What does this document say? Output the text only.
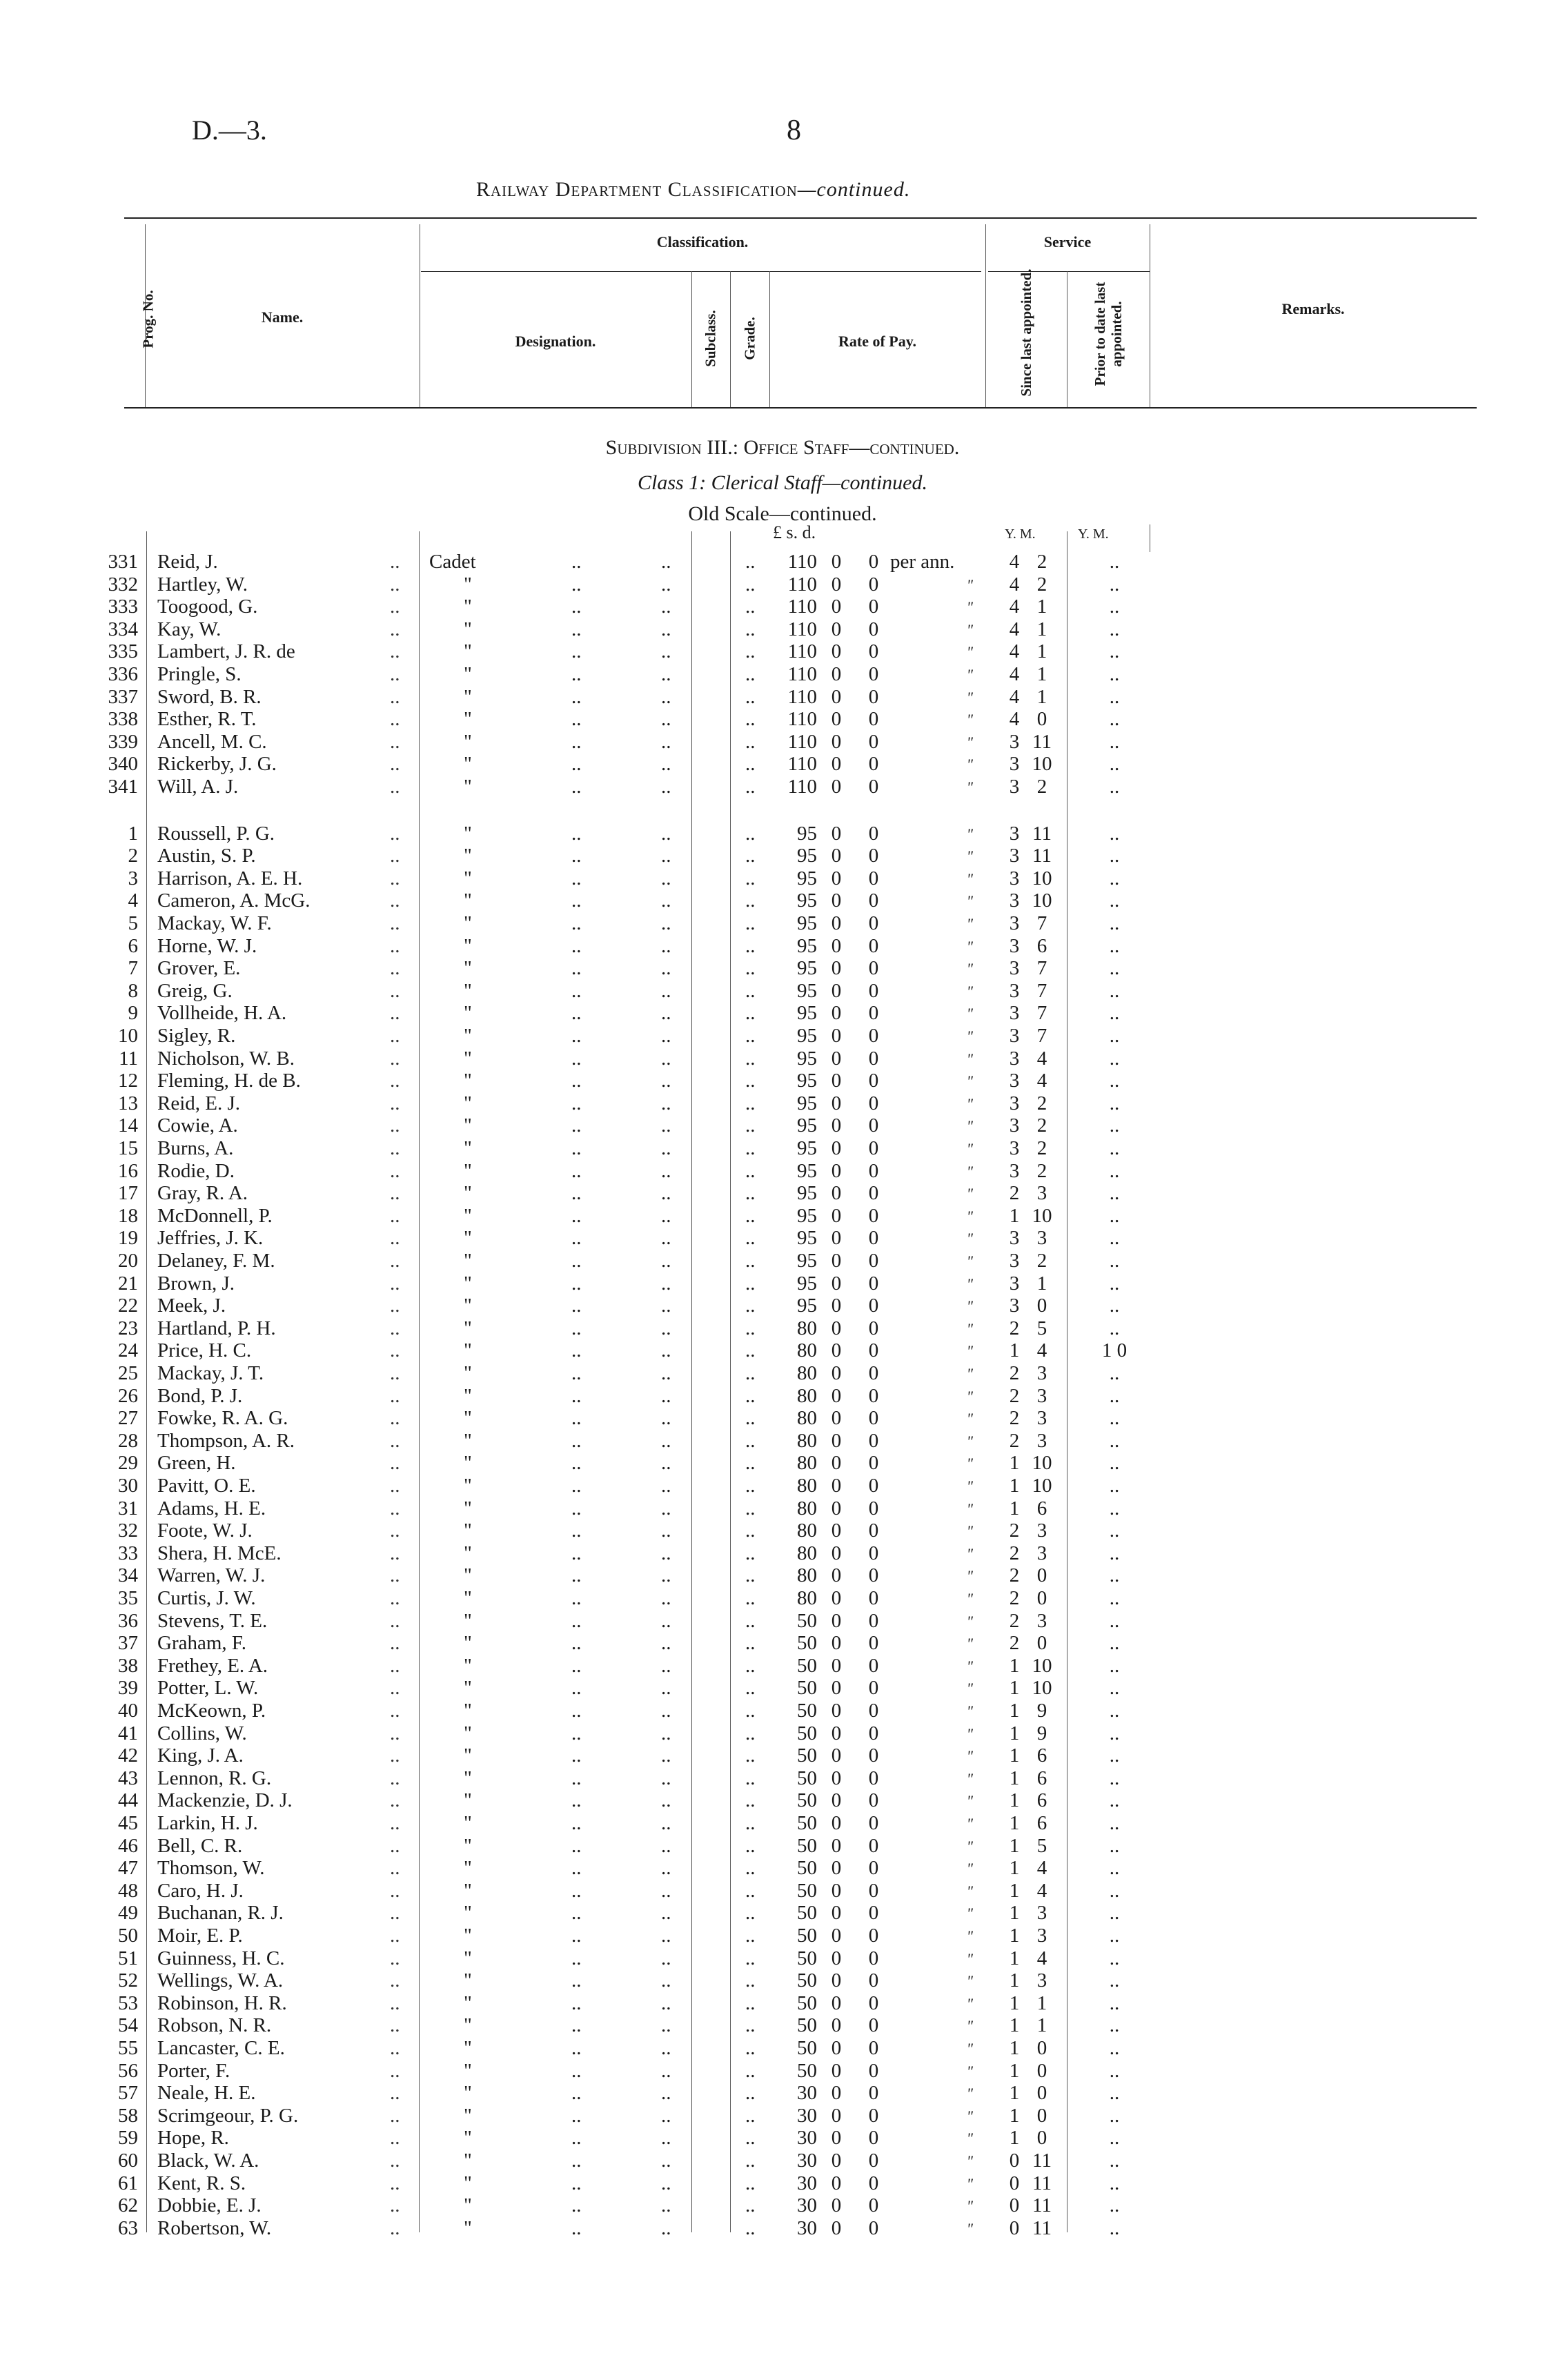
D.—3.	8
Railway Department Classification—continued.
Prog. No.	Name.
Classification.
Designation.	Subclass. Grade.	Rate of Pay.
Service
Since last appointed.	Prior to date last appointed.	Remarks.
Subdivision III.: Office Staff—continued.
Class 1: Clerical Staff—continued.
Old Scale—continued.
£ s. d.	Y. M.	Y. M.
331 Reid, J.	.. Cadet	..	..	..	110 0 0 per ann.	4 2	..
332 Hartley, W.	..	"	..	..	..	110 0 0	" 4 2	..
333 Toogood, G.	..	"	..	..	..	110 0 0	" 4 1	..
334 Kay, W.	..	"	..	..	..	110 0 0	" 4 1	..
335 Lambert, J. R. de	..	"	..	..	..	110 0 0	" 4 1	..
336 Pringle, S.	..	"	..	..	..	110 0 0	" 4 1	..
337 Sword, B. R.	..	"	..	..	..	110 0 0	" 4 1	..
338 Esther, R. T.	..	"	..	..	..	110 0 0	" 4 0	..
339 Ancell, M. C.	..	"	..	..	..	110 0 0	" 3 11	..
340 Rickerby, J. G.	..	"	..	..	..	110 0 0	" 3 10	..
341 Will, A. J.	..	"	..	..	..	110 0 0	" 3 2	..
1 Roussell, P. G.	..	"	..	..	..	95 0 0	" 3 11	..
2 Austin, S. P.	..	"	..	..	..	95 0 0	" 3 11	..
3 Harrison, A. E. H.	..	"	..	..	..	95 0 0	" 3 10	..
4 Cameron, A. McG.	..	"	..	..	..	95 0 0	" 3 10	..
5 Mackay, W. F.	..	"	..	..	..	95 0 0	" 3 7	..
6 Horne, W. J.	..	"	..	..	..	95 0 0	" 3 6	..
7 Grover, E.	..	"	..	..	..	95 0 0	" 3 7	..
8 Greig, G.	..	"	..	..	..	95 0 0	" 3 7	..
9 Vollheide, H. A.	..	"	..	..	..	95 0 0	" 3 7	..
10 Sigley, R.	..	"	..	..	..	95 0 0	" 3 7	..
11 Nicholson, W. B.	..	"	..	..	..	95 0 0	" 3 4	..
12 Fleming, H. de B.	..	"	..	..	..	95 0 0	" 3 4	..
13 Reid, E. J.	..	"	..	..	..	95 0 0	" 3 2	..
14 Cowie, A.	..	"	..	..	..	95 0 0	" 3 2	..
15 Burns, A.	..	"	..	..	..	95 0 0	" 3 2	..
16 Rodie, D.	..	"	..	..	..	95 0 0	" 3 2	..
17 Gray, R. A.	..	"	..	..	..	95 0 0	" 2 3	..
18 McDonnell, P.	..	"	..	..	..	95 0 0	" 1 10	..
19 Jeffries, J. K.	..	"	..	..	..	95 0 0	" 3 3	..
20 Delaney, F. M.	..	"	..	..	..	95 0 0	" 3 2	..
21 Brown, J.	..	"	..	..	..	95 0 0	" 3 1	..
22 Meek, J.	..	"	..	..	..	95 0 0	" 3 0	..
23 Hartland, P. H.	..	"	..	..	..	80 0 0	" 2 5	..
24 Price, H. C.	..	"	..	..	..	80 0 0	" 1 4	1 0
25 Mackay, J. T.	..	"	..	..	..	80 0 0	" 2 3	..
26 Bond, P. J.	..	"	..	..	..	80 0 0	" 2 3	..
27 Fowke, R. A. G.	..	"	..	..	..	80 0 0	" 2 3	..
28 Thompson, A. R.	..	"	..	..	..	80 0 0	" 2 3	..
29 Green, H.	..	"	..	..	..	80 0 0	" 1 10	..
30 Pavitt, O. E.	..	"	..	..	..	80 0 0	" 1 10	..
31 Adams, H. E.	..	"	..	..	..	80 0 0	" 1 6	..
32 Foote, W. J.	..	"	..	..	..	80 0 0	" 2 3	..
33 Shera, H. McE.	..	"	..	..	..	80 0 0	" 2 3	..
34 Warren, W. J.	..	"	..	..	..	80 0 0	" 2 0	..
35 Curtis, J. W.	..	"	..	..	..	80 0 0	" 2 0	..
36 Stevens, T. E.	..	"	..	..	..	50 0 0	" 2 3	..
37 Graham, F.	..	"	..	..	..	50 0 0	" 2 0	..
38 Frethey, E. A.	..	"	..	..	..	50 0 0	" 1 10	..
39 Potter, L. W.	..	"	..	..	..	50 0 0	" 1 10	..
40 McKeown, P.	..	"	..	..	..	50 0 0	" 1 9	..
41 Collins, W.	..	"	..	..	..	50 0 0	" 1 9	..
42 King, J. A.	..	"	..	..	..	50 0 0	" 1 6	..
43 Lennon, R. G.	..	"	..	..	..	50 0 0	" 1 6	..
44 Mackenzie, D. J.	..	"	..	..	..	50 0 0	" 1 6	..
45 Larkin, H. J.	..	"	..	..	..	50 0 0	" 1 6	..
46 Bell, C. R.	..	"	..	..	..	50 0 0	" 1 5	..
47 Thomson, W.	..	"	..	..	..	50 0 0	" 1 4	..
48 Caro, H. J.	..	"	..	..	..	50 0 0	" 1 4	..
49 Buchanan, R. J.	..	"	..	..	..	50 0 0	" 1 3	..
50 Moir, E. P.	..	"	..	..	..	50 0 0	" 1 3	..
51 Guinness, H. C.	..	"	..	..	..	50 0 0	" 1 4	..
52 Wellings, W. A.	..	"	..	..	..	50 0 0	" 1 3	..
53 Robinson, H. R.	..	"	..	..	..	50 0 0	" 1 1	..
54 Robson, N. R.	..	"	..	..	..	50 0 0	" 1 1	..
55 Lancaster, C. E.	..	"	..	..	..	50 0 0	" 1 0	..
56 Porter, F.	..	"	..	..	..	50 0 0	" 1 0	..
57 Neale, H. E.	..	"	..	..	..	30 0 0	" 1 0	..
58 Scrimgeour, P. G.	..	"	..	..	..	30 0 0	" 1 0	..
59 Hope, R.	..	"	..	..	..	30 0 0	" 1 0	..
60 Black, W. A.	..	"	..	..	..	30 0 0	" 0 11	..
61 Kent, R. S.	..	"	..	..	..	30 0 0	" 0 11	..
62 Dobbie, E. J.	..	"	..	..	..	30 0 0	" 0 11	..
63 Robertson, W.	..	"	..	..	..	30 0 0	" 0 11	..
